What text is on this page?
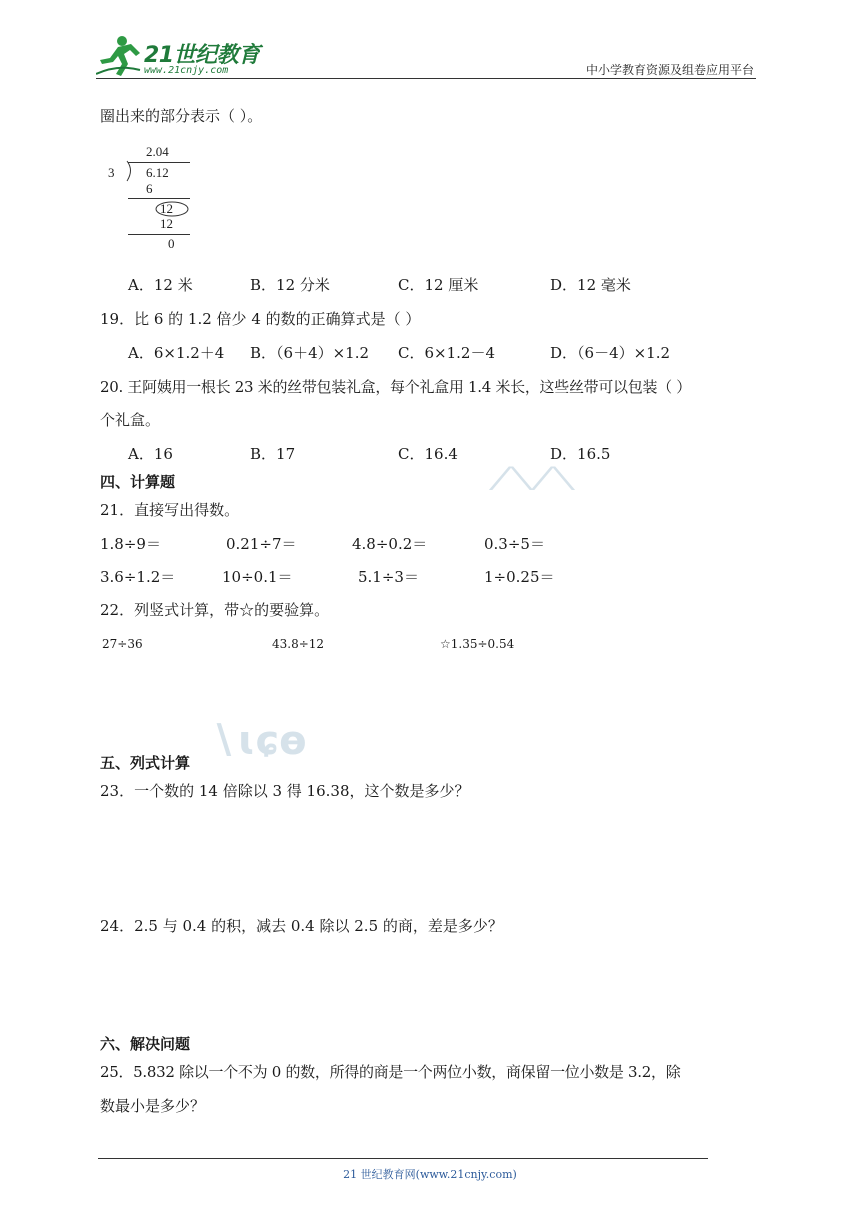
21世纪教育
www.21cnjy.com	中小学教育资源及组卷应用平台
圈出来的部分表示（ ）。
2.04
3 6.12
6
12
12
0
A．12 米	B．12 分米	C．12 厘米	D．12 毫米
19．比 6 的 1.2 倍少 4 的数的正确算式是（ ）
A．6×1.2＋4 B．（6＋4）×1.2 C．6×1.2－4	D．（6－4）×1.2
20. 王阿姨用一根长 23 米的丝带包装礼盒，每个礼盒用 1.4 米长，这些丝带可以包装（ ）
个礼盒。
A．16	B．17	C．16.4	D．16.5
⟋⟍⟋⟍
四、计算题
21．直接写出得数。
1.8÷9＝	0.21÷7＝	4.8÷0.2＝	0.3÷5＝
3.6÷1.2＝	10÷0.1＝	5.1÷3＝	1÷0.25＝
22．列竖式计算，带☆的要验算。
27÷36	43.8÷12	☆1.35÷0.54
∖ɩɕɵ
五、列式计算
23．一个数的 14 倍除以 3 得 16.38，这个数是多少？
24．2.5 与 0.4 的积，减去 0.4 除以 2.5 的商，差是多少？
六、解决问题
25．5.832 除以一个不为 0 的数，所得的商是一个两位小数，商保留一位小数是 3.2，除
数最小是多少？
21 世纪教育网(www.21cnjy.com)
